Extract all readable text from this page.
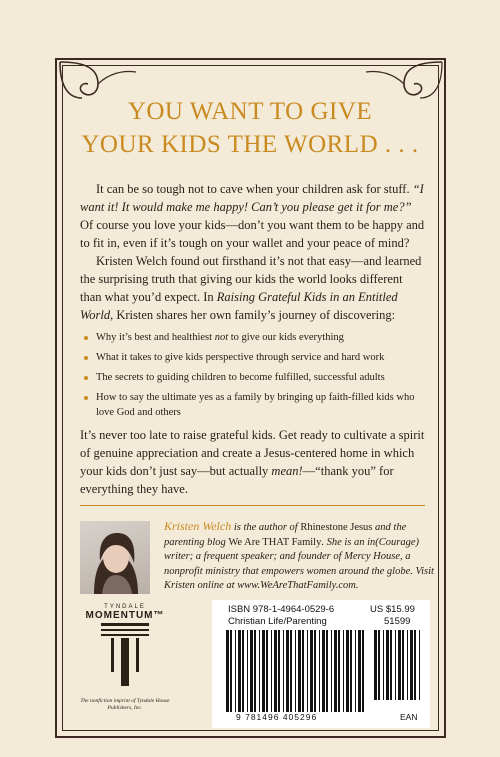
YOU WANT TO GIVE
YOUR KIDS THE WORLD . . .

It can be so tough not to cave when your children ask for stuff. “I want it! It would make me happy! Can’t you please get it for me?” Of course you love your kids—don’t you want them to be happy and to fit in, even if it’s tough on your wallet and your peace of mind?

Kristen Welch found out firsthand it’s not that easy—and learned the surprising truth that giving our kids the world looks different than what you’d expect. In Raising Grateful Kids in an Entitled World, Kristen shares her own family’s journey of discovering:

Why it’s best and healthiest not to give our kids everything
What it takes to give kids perspective through service and hard work
The secrets to guiding children to become fulfilled, successful adults
How to say the ultimate yes as a family by bringing up faith-filled kids who love God and others

It’s never too late to raise grateful kids. Get ready to cultivate a spirit of genuine appreciation and create a Jesus-centered home in which your kids don’t just say—but actually mean!—“thank you” for everything they have.

Kristen Welch is the author of Rhinestone Jesus and the parenting blog We Are THAT Family. She is an in(Courage) writer; a frequent speaker; and founder of Mercy House, a nonprofit ministry that empowers women around the globe. Visit Kristen online at www.WeAreThatFamily.com.
TYNDALE
MOMENTUM™
The nonfiction imprint of Tyndale House Publishers, Inc.
ISBN 978-1-4964-0529-6
Christian Life/Parenting
US $15.99
51599
9 781496 405296	EAN
